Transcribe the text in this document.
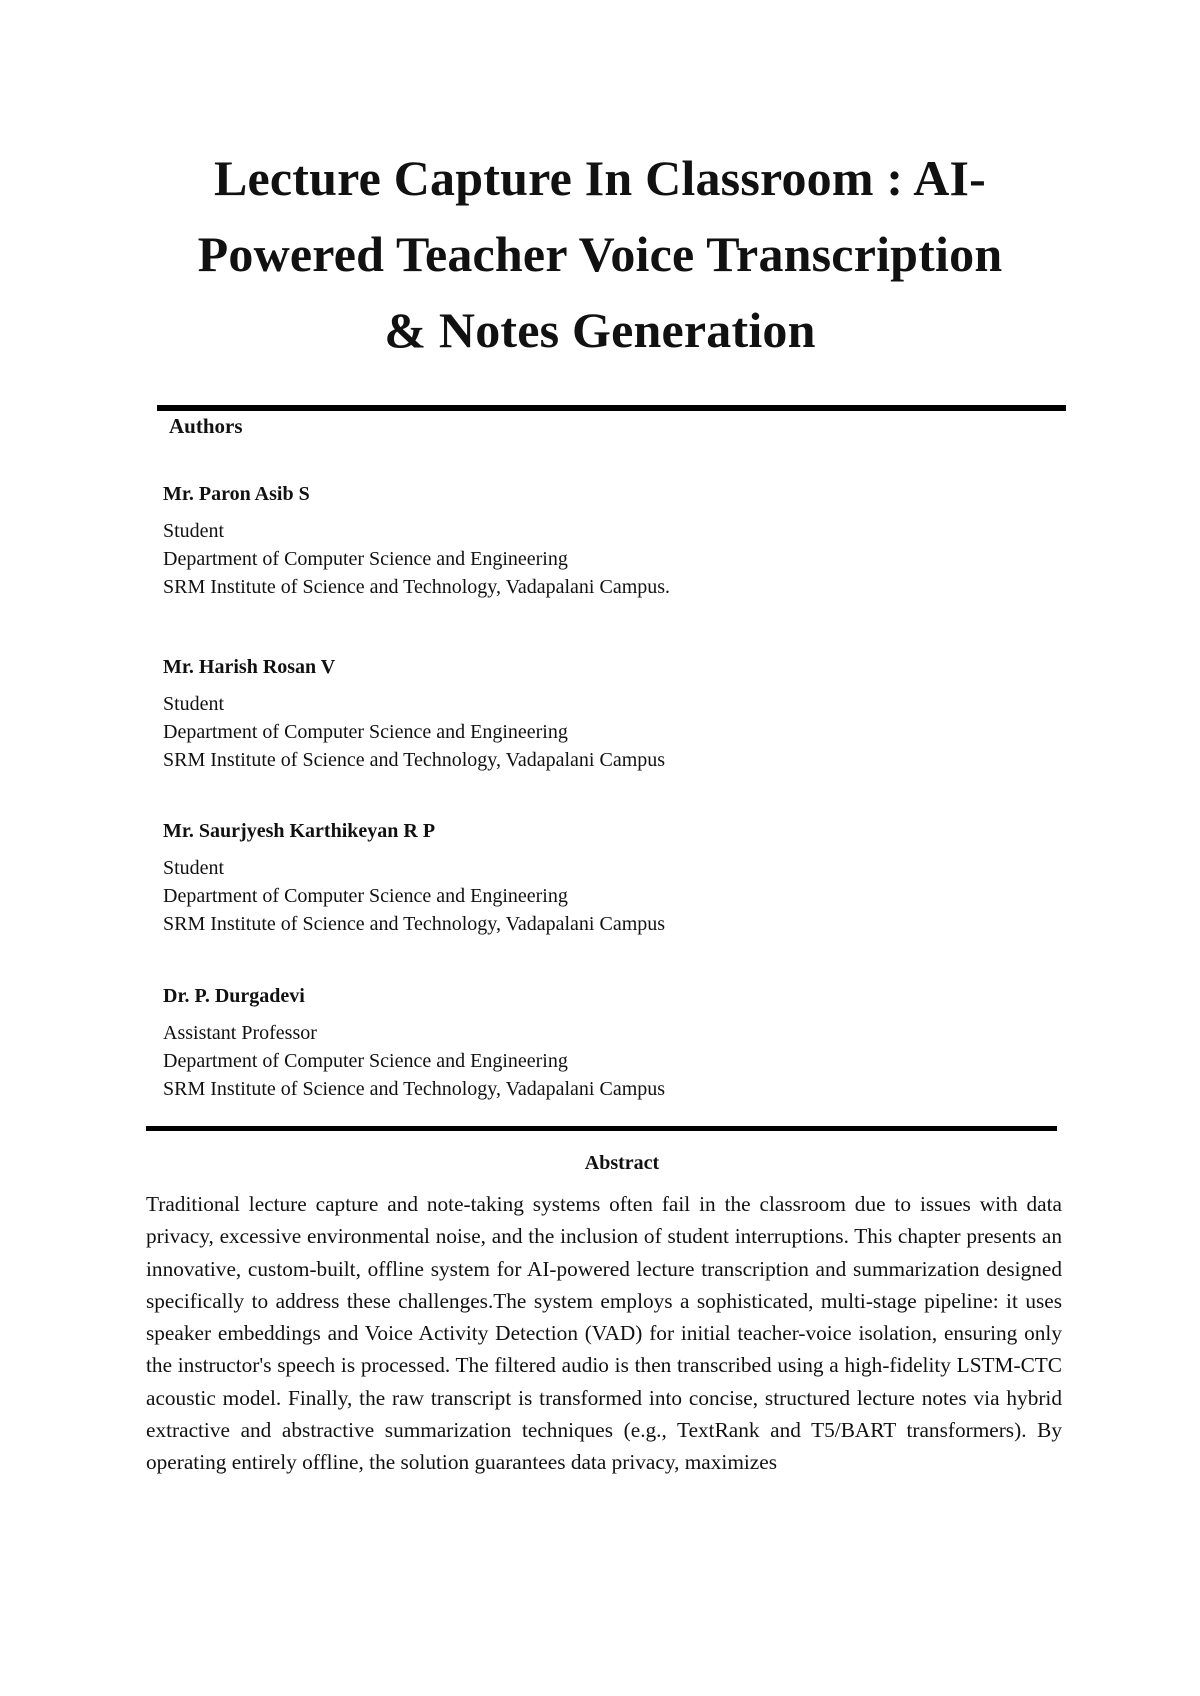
Lecture Capture In Classroom : AI-
Powered Teacher Voice Transcription
& Notes Generation
Authors
Mr. Paron Asib S
Student
Department of Computer Science and Engineering
SRM Institute of Science and Technology, Vadapalani Campus.
Mr. Harish Rosan V
Student
Department of Computer Science and Engineering
SRM Institute of Science and Technology, Vadapalani Campus
Mr. Saurjyesh Karthikeyan R P
Student
Department of Computer Science and Engineering
SRM Institute of Science and Technology, Vadapalani Campus
Dr. P. Durgadevi
Assistant Professor
Department of Computer Science and Engineering
SRM Institute of Science and Technology, Vadapalani Campus
Abstract

Traditional lecture capture and note-taking systems often fail in the classroom due to issues with data privacy, excessive environmental noise, and the inclusion of student interruptions. This chapter presents an innovative, custom-built, offline system for AI-powered lecture transcription and summarization designed specifically to address these challenges.The system employs a sophisticated, multi-stage pipeline: it uses speaker embeddings and Voice Activity Detection (VAD) for initial teacher-voice isolation, ensuring only the instructor's speech is processed. The filtered audio is then transcribed using a high-fidelity LSTM-CTC acoustic model. Finally, the raw transcript is transformed into concise, structured lecture notes via hybrid extractive and abstractive summarization techniques (e.g., TextRank and T5/BART transformers). By operating entirely offline, the solution guarantees data privacy, maximizes
